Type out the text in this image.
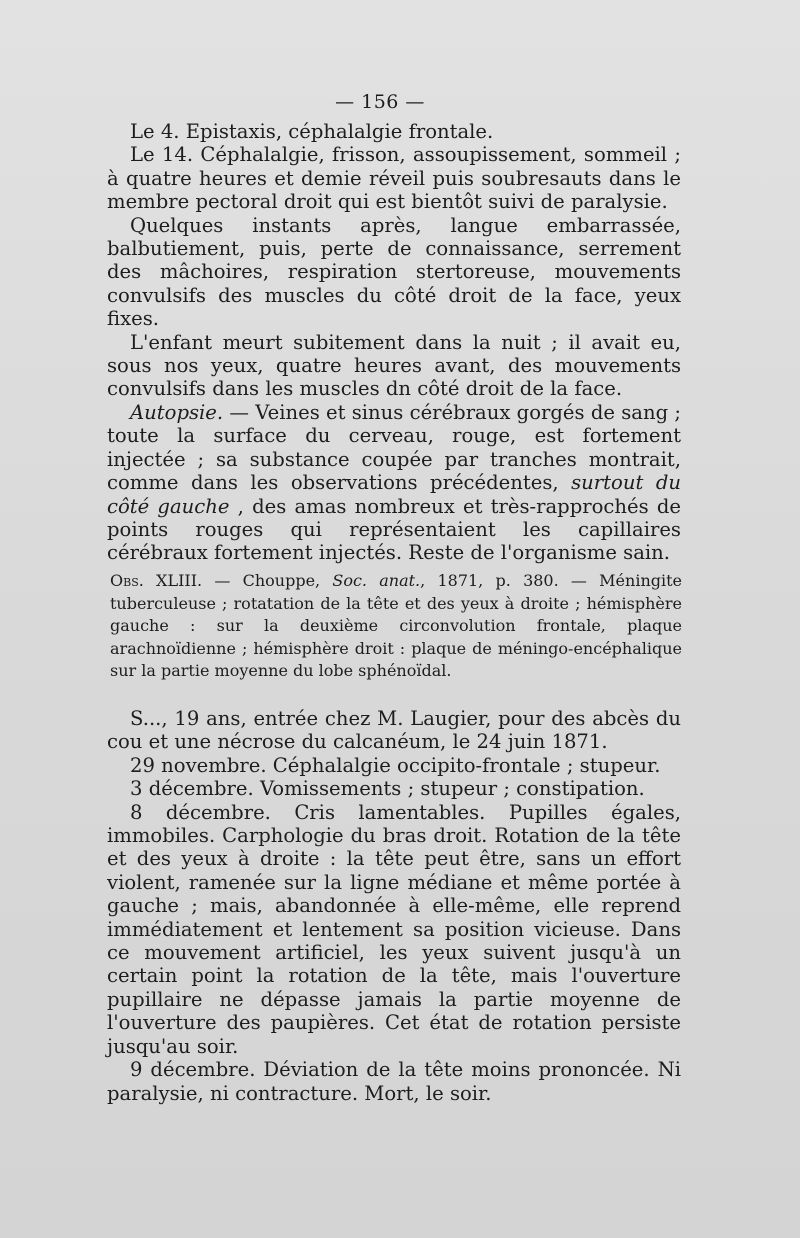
— 156 —

Le 4. Epistaxis, céphalalgie frontale.

Le 14. Céphalalgie, frisson, assoupissement, sommeil ; à quatre heures et demie réveil puis soubresauts dans le membre pectoral droit qui est bientôt suivi de paralysie.

Quelques instants après, langue embarrassée, balbutiement, puis, perte de connaissance, serrement des mâchoires, respiration stertoreuse, mouvements convulsifs des muscles du côté droit de la face, yeux fixes.

L'enfant meurt subitement dans la nuit ; il avait eu, sous nos yeux, quatre heures avant, des mouvements convulsifs dans les muscles dn côté droit de la face.

Autopsie. — Veines et sinus cérébraux gorgés de sang ; toute la surface du cerveau, rouge, est fortement injectée ; sa substance coupée par tranches montrait, comme dans les observations précédentes, surtout du côté gauche , des amas nombreux et très-rapprochés de points rouges qui représentaient les capillaires cérébraux fortement injectés. Reste de l'organisme sain.

Obs. XLIII. — Chouppe, Soc. anat., 1871, p. 380. — Méningite tuberculeuse ; rotatation de la tête et des yeux à droite ; hémisphère gauche : sur la deuxième circonvolution frontale, plaque arachnoïdienne ; hémisphère droit : plaque de méningo-encéphalique sur la partie moyenne du lobe sphénoïdal.

S..., 19 ans, entrée chez M. Laugier, pour des abcès du cou et une nécrose du calcanéum, le 24 juin 1871.

29 novembre. Céphalalgie occipito-frontale ; stupeur.

3 décembre. Vomissements ; stupeur ; constipation.

8 décembre. Cris lamentables. Pupilles égales, immobiles. Carphologie du bras droit. Rotation de la tête et des yeux à droite : la tête peut être, sans un effort violent, ramenée sur la ligne médiane et même portée à gauche ; mais, abandonnée à elle-même, elle reprend immédiatement et lentement sa position vicieuse. Dans ce mouvement artificiel, les yeux suivent jusqu'à un certain point la rotation de la tête, mais l'ouverture pupillaire ne dépasse jamais la partie moyenne de l'ouverture des paupières. Cet état de rotation persiste jusqu'au soir.

9 décembre. Déviation de la tête moins prononcée. Ni paralysie, ni contracture. Mort, le soir.
